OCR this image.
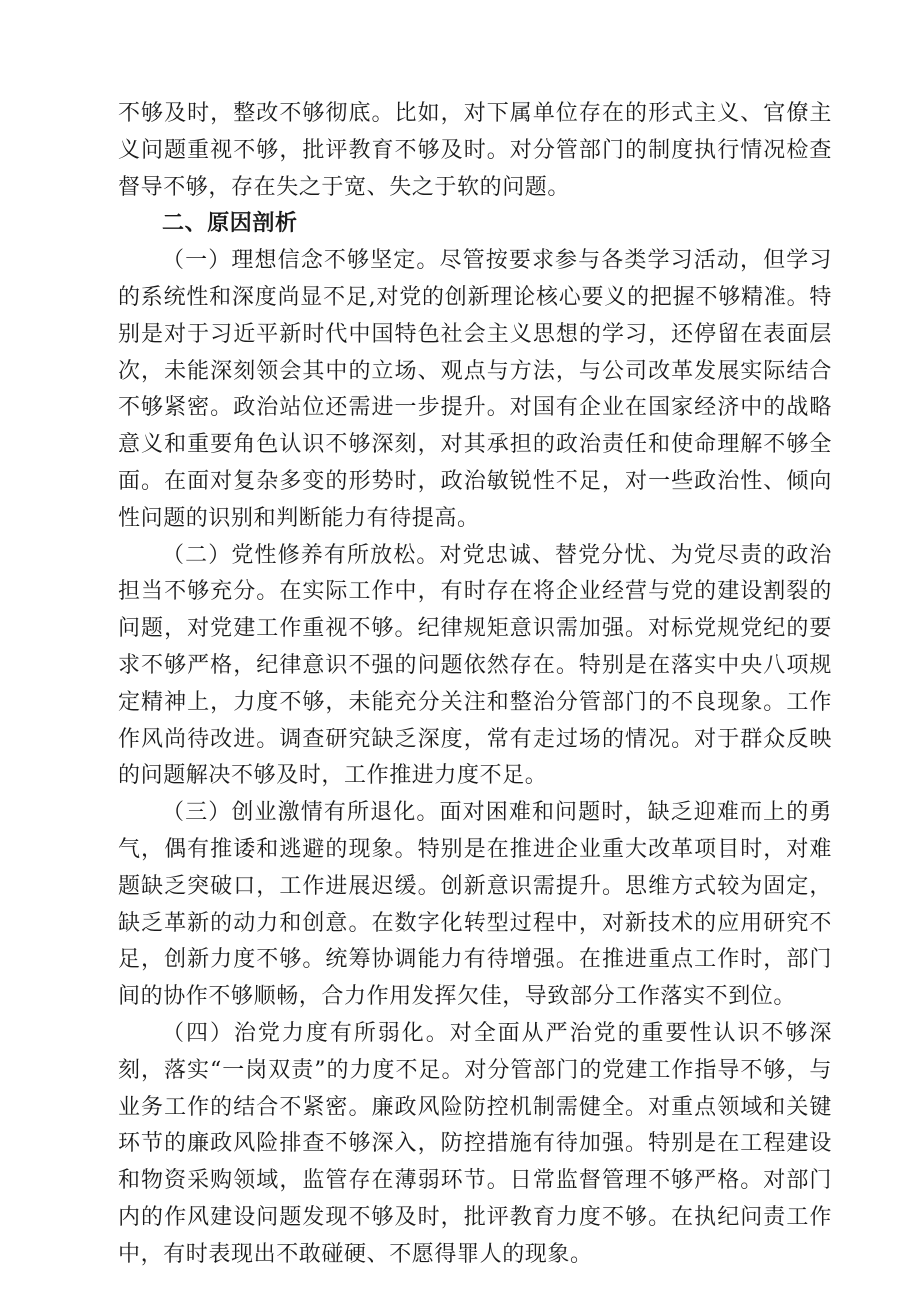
不够及时，整改不够彻底。比如，对下属单位存在的形式主义、官僚主义问题重视不够，批评教育不够及时。对分管部门的制度执行情况检查督导不够，存在失之于宽、失之于软的问题。

二、原因剖析

（一）理想信念不够坚定。尽管按要求参与各类学习活动，但学习的系统性和深度尚显不足,对党的创新理论核心要义的把握不够精准。特别是对于习近平新时代中国特色社会主义思想的学习，还停留在表面层次，未能深刻领会其中的立场、观点与方法，与公司改革发展实际结合不够紧密。政治站位还需进一步提升。对国有企业在国家经济中的战略意义和重要角色认识不够深刻，对其承担的政治责任和使命理解不够全面。在面对复杂多变的形势时，政治敏锐性不足，对一些政治性、倾向性问题的识别和判断能力有待提高。

（二）党性修养有所放松。对党忠诚、替党分忧、为党尽责的政治担当不够充分。在实际工作中，有时存在将企业经营与党的建设割裂的问题，对党建工作重视不够。纪律规矩意识需加强。对标党规党纪的要求不够严格，纪律意识不强的问题依然存在。特别是在落实中央八项规定精神上，力度不够，未能充分关注和整治分管部门的不良现象。工作作风尚待改进。调查研究缺乏深度，常有走过场的情况。对于群众反映的问题解决不够及时，工作推进力度不足。

（三）创业激情有所退化。面对困难和问题时，缺乏迎难而上的勇气，偶有推诿和逃避的现象。特别是在推进企业重大改革项目时，对难题缺乏突破口，工作进展迟缓。创新意识需提升。思维方式较为固定，缺乏革新的动力和创意。在数字化转型过程中，对新技术的应用研究不足，创新力度不够。统筹协调能力有待增强。在推进重点工作时，部门间的协作不够顺畅，合力作用发挥欠佳，导致部分工作落实不到位。

（四）治党力度有所弱化。对全面从严治党的重要性认识不够深刻，落实“一岗双责”的力度不足。对分管部门的党建工作指导不够，与业务工作的结合不紧密。廉政风险防控机制需健全。对重点领域和关键环节的廉政风险排查不够深入，防控措施有待加强。特别是在工程建设和物资采购领域，监管存在薄弱环节。日常监督管理不够严格。对部门内的作风建设问题发现不够及时，批评教育力度不够。在执纪问责工作中，有时表现出不敢碰硬、不愿得罪人的现象。
